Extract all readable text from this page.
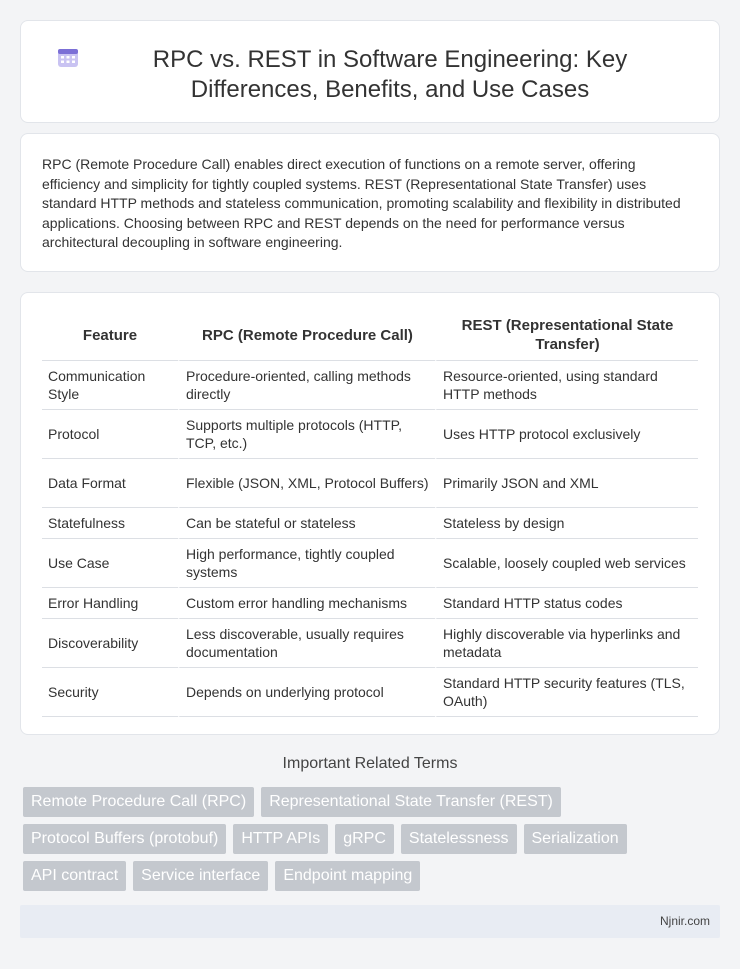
RPC vs. REST in Software Engineering: Key Differences, Benefits, and Use Cases

RPC (Remote Procedure Call) enables direct execution of functions on a remote server, offering efficiency and simplicity for tightly coupled systems. REST (Representational State Transfer) uses standard HTTP methods and stateless communication, promoting scalability and flexibility in distributed applications. Choosing between RPC and REST depends on the need for performance versus architectural decoupling in software engineering.

Feature	RPC (Remote Procedure Call)	REST (Representational State Transfer)
Communication Style	Procedure-oriented, calling methods directly	Resource-oriented, using standard HTTP methods
Protocol	Supports multiple protocols (HTTP, TCP, etc.)	Uses HTTP protocol exclusively
Data Format	Flexible (JSON, XML, Protocol Buffers)	Primarily JSON and XML
Statefulness	Can be stateful or stateless	Stateless by design
Use Case	High performance, tightly coupled systems	Scalable, loosely coupled web services
Error Handling	Custom error handling mechanisms	Standard HTTP status codes
Discoverability	Less discoverable, usually requires documentation	Highly discoverable via hyperlinks and metadata
Security	Depends on underlying protocol	Standard HTTP security features (TLS, OAuth)
Important Related Terms
Remote Procedure Call (RPC)	Representational State Transfer (REST)
Protocol Buffers (protobuf)	HTTP APIs	gRPC	Statelessness	Serialization
API contract	Service interface	Endpoint mapping
Njnir.com
